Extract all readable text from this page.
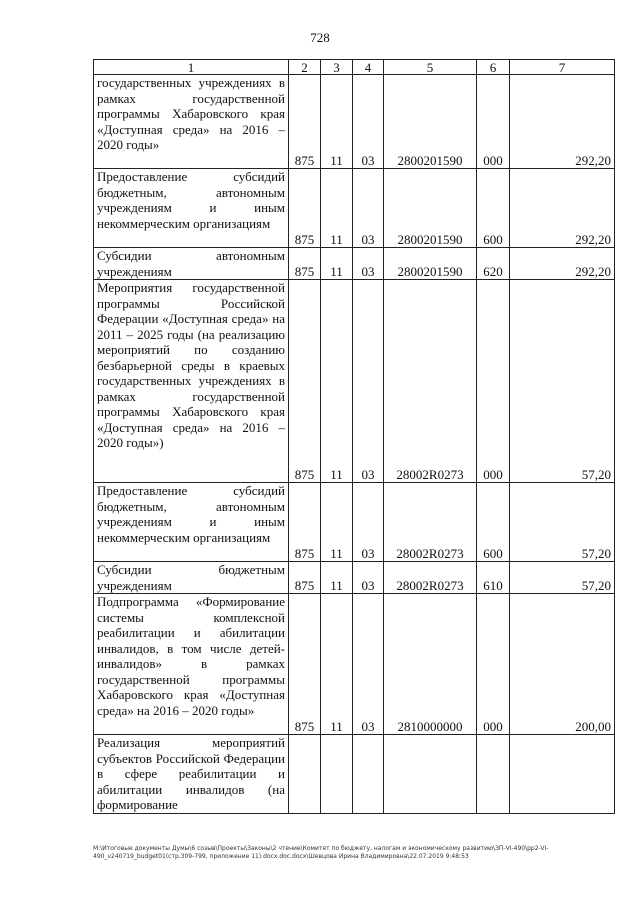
728
1	2	3	4	5	6	7

государственных учреждениях в рамках государственной программы Хабаровского края «Доступная среда» на 2016 – 2020 годы»	875	11	03	2800201590	000	292,20

Предоставление субсидий бюджетным, автономным учреждениям и иным некоммерческим организациям	875	11	03	2800201590	600	292,20

Субсидии автономным учреждениям	875	11	03	2800201590	620	292,20

Мероприятия государственной программы Российской Федерации «Доступная среда» на 2011 – 2025 годы (на реализацию мероприятий по созданию безбарьерной среды в краевых государственных учреждениях в рамках государственной программы Хабаровского края «Доступная среда» на 2016 – 2020 годы»)	875	11	03	28002R0273	000	57,20

Предоставление субсидий бюджетным, автономным учреждениям и иным некоммерческим организациям	875	11	03	28002R0273	600	57,20

Субсидии бюджетным учреждениям	875	11	03	28002R0273	610	57,20

Подпрограмма «Формирование системы комплексной реабилитации и абилитации инвалидов, в том числе детей-инвалидов» в рамках государственной программы Хабаровского края «Доступная среда» на 2016 – 2020 годы»	875	11	03	2810000000	000	200,00

Реализация мероприятий субъектов Российской Федерации в сфере реабилитации и абилитации инвалидов (на формирование						

М:\Итоговые документы Думы\6 созыв\Проекты\Законы\2 чтение\Комитет по бюджету, налогам и экономическому развитию\ЗП-VI-490\pp2-VI-
490_v240719_budget01(стр.309-799, приложение 11).docx.doc.docx\Шевцова Ирина Владимировна\22.07.2019 9:48:53
